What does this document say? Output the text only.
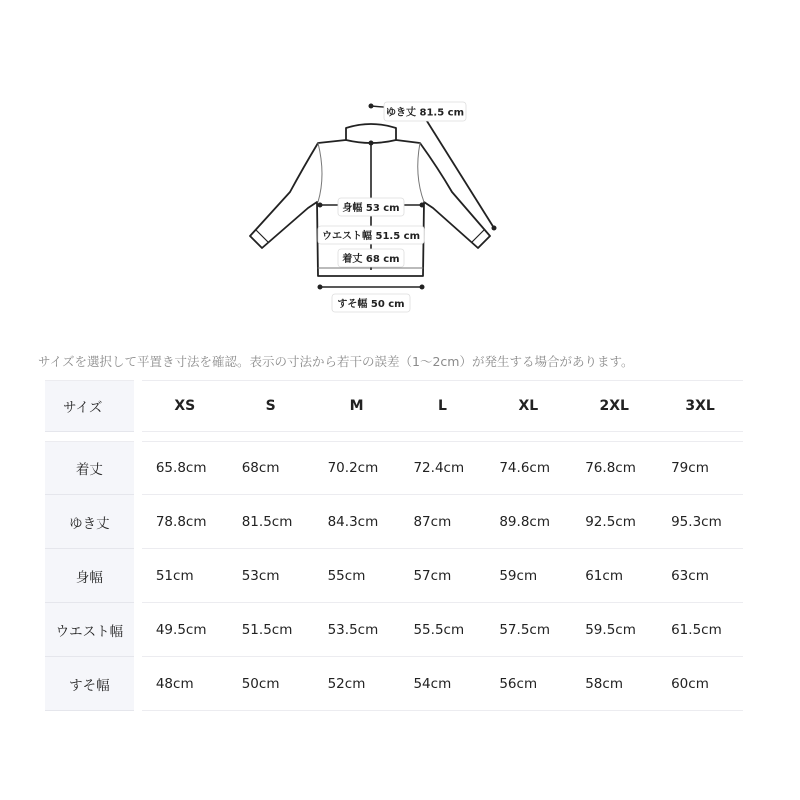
ゆき丈 81.5 cm
身幅 53 cm
ウエスト幅 51.5 cm
着丈 68 cm
すそ幅 50 cm
サイズを選択して平置き寸法を確認。表示の寸法から若干の誤差（1〜2cm）が発生する場合があります。
サイズ	XS	S	M	L	XL	2XL	3XL
着丈	65.8cm	68cm	70.2cm	72.4cm	74.6cm	76.8cm	79cm
ゆき丈	78.8cm	81.5cm	84.3cm	87cm	89.8cm	92.5cm	95.3cm
身幅	51cm	53cm	55cm	57cm	59cm	61cm	63cm
ウエスト幅	49.5cm	51.5cm	53.5cm	55.5cm	57.5cm	59.5cm	61.5cm
すそ幅	48cm	50cm	52cm	54cm	56cm	58cm	60cm
